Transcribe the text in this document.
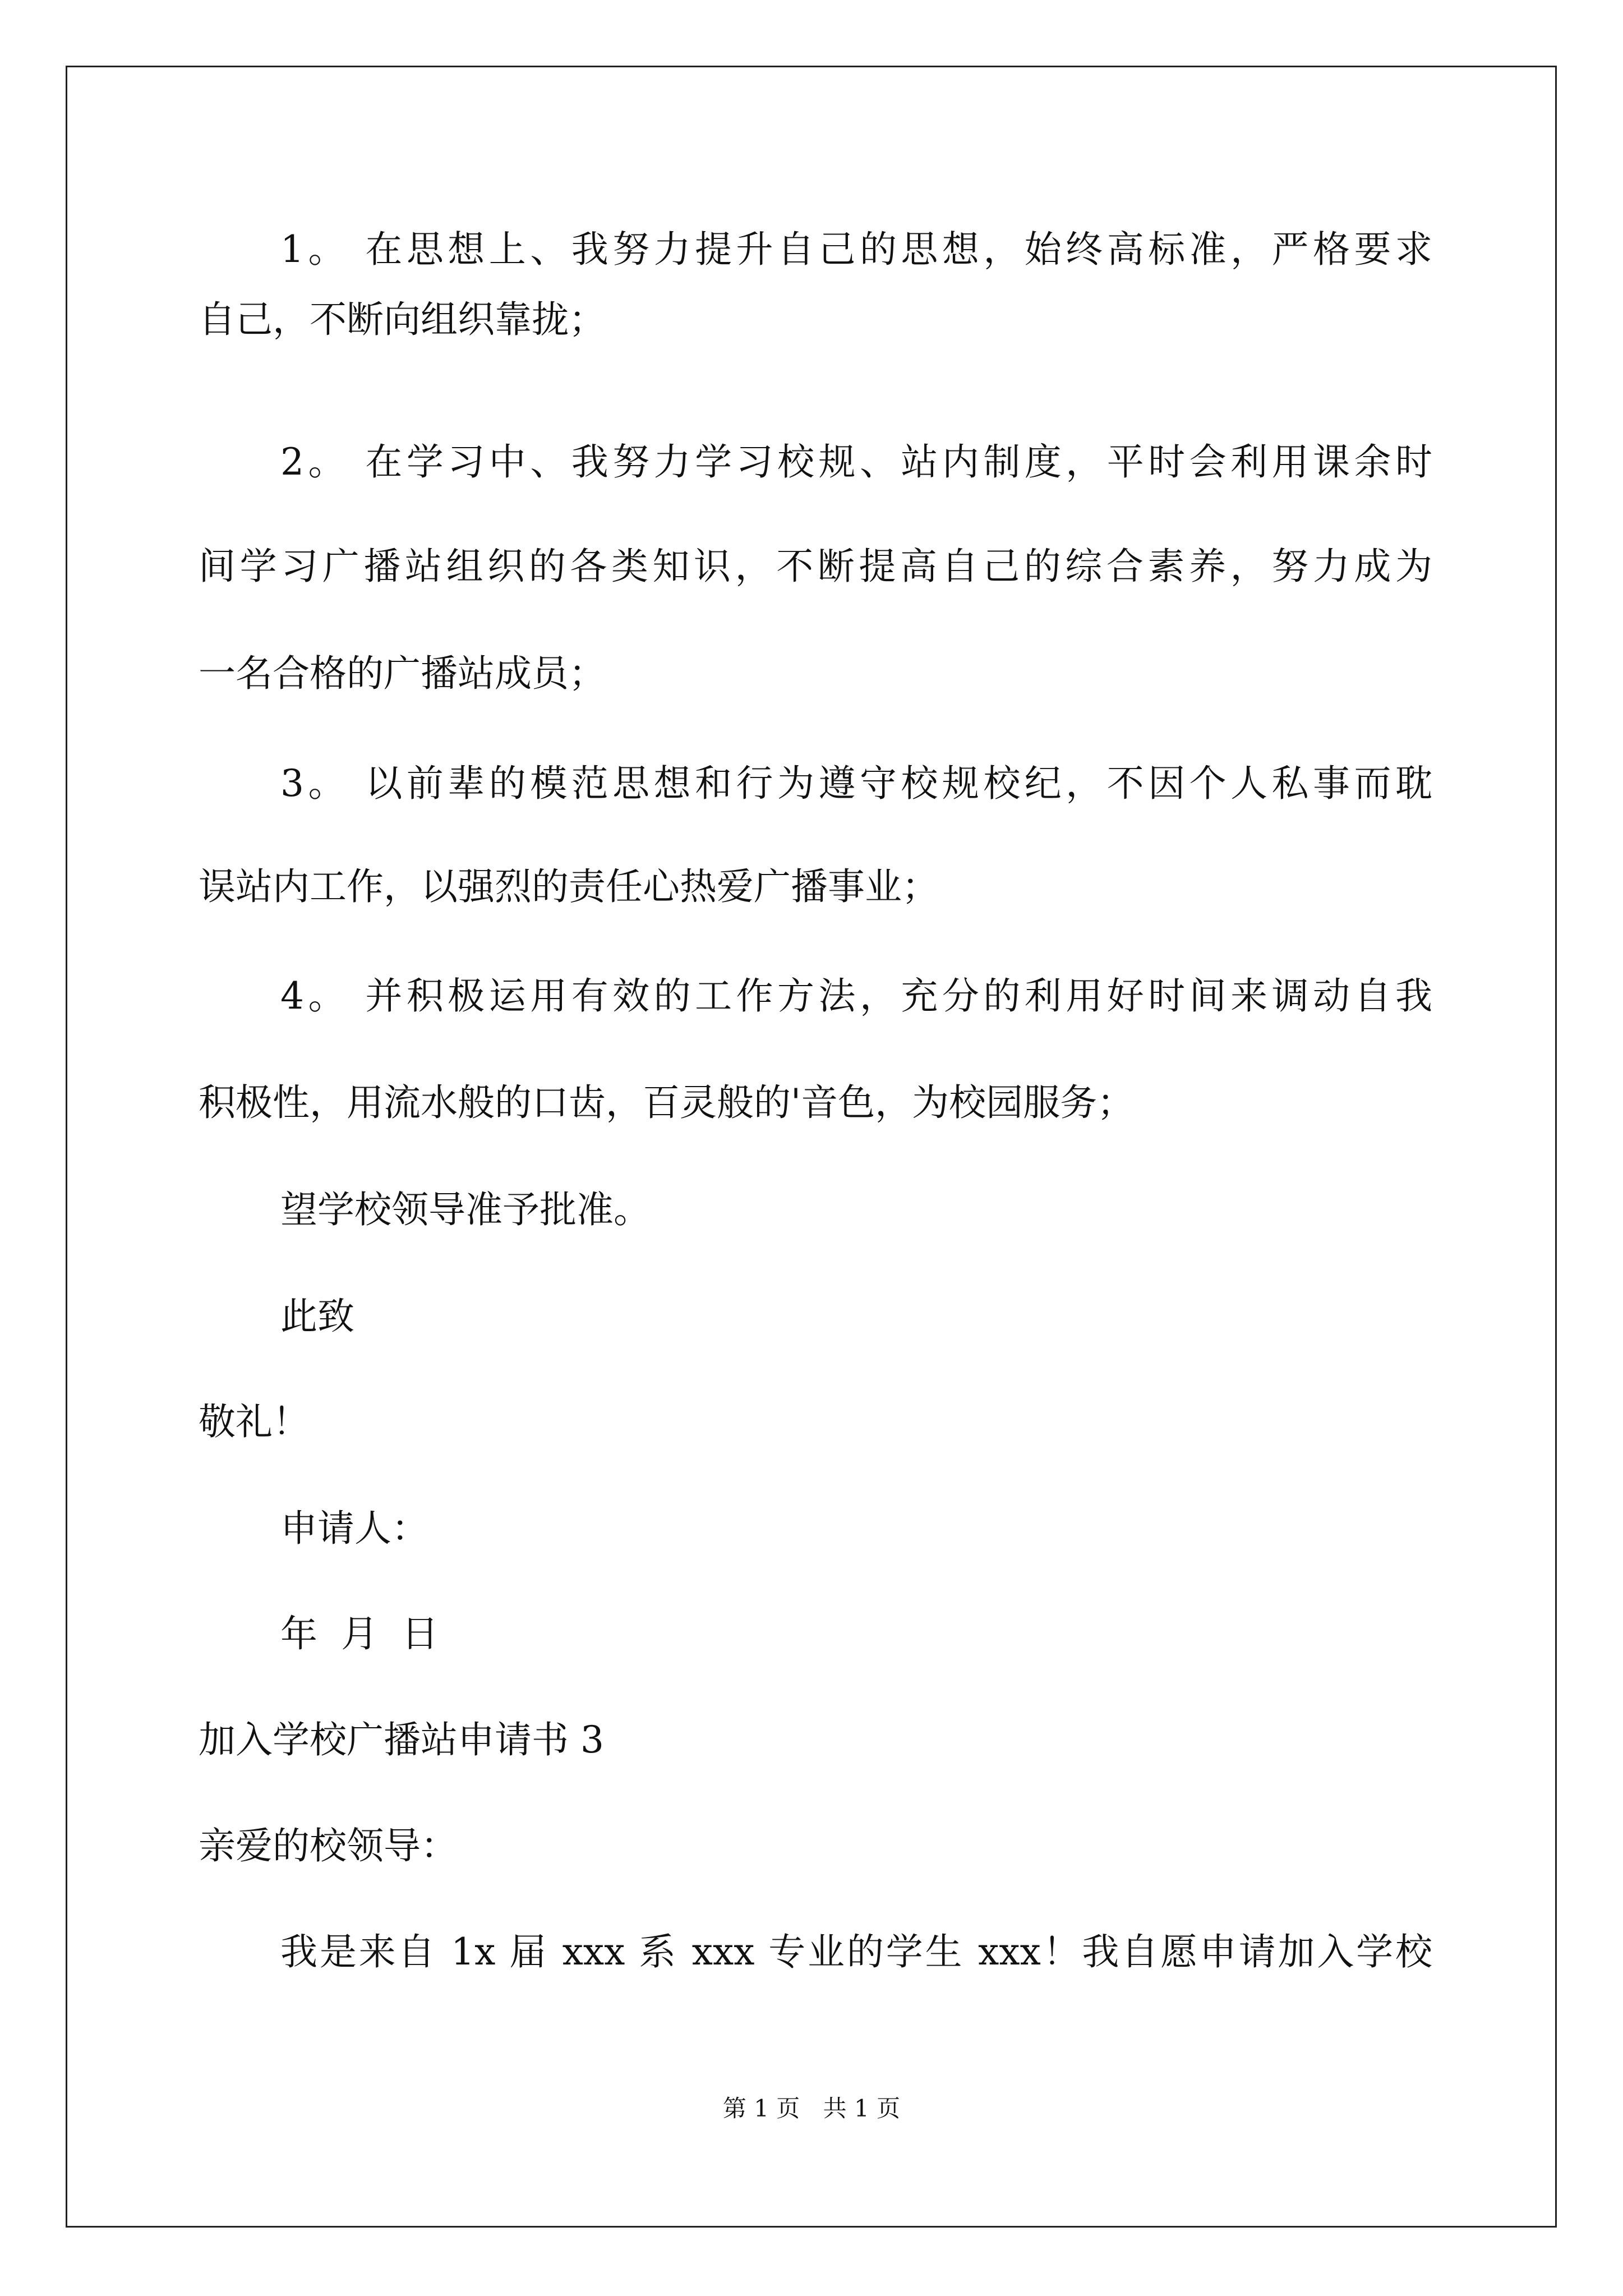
1。 在思想上、我努力提升自己的思想，始终高标准，严格要求
自己，不断向组织靠拢；
2。 在学习中、我努力学习校规、站内制度，平时会利用课余时
间学习广播站组织的各类知识，不断提高自己的综合素养，努力成为
一名合格的广播站成员；
3。 以前辈的模范思想和行为遵守校规校纪，不因个人私事而耽
误站内工作，以强烈的责任心热爱广播事业；
4。 并积极运用有效的工作方法，充分的利用好时间来调动自我
积极性，用流水般的口齿，百灵般的'音色，为校园服务；
望学校领导准予批准。
此致
敬礼！
申请人：
年  月  日
加入学校广播站申请书 3
亲爱的校领导：
我是来自 1x 届 xxx 系 xxx 专业的学生 xxx！我自愿申请加入学校
第 1 页 共 1 页
